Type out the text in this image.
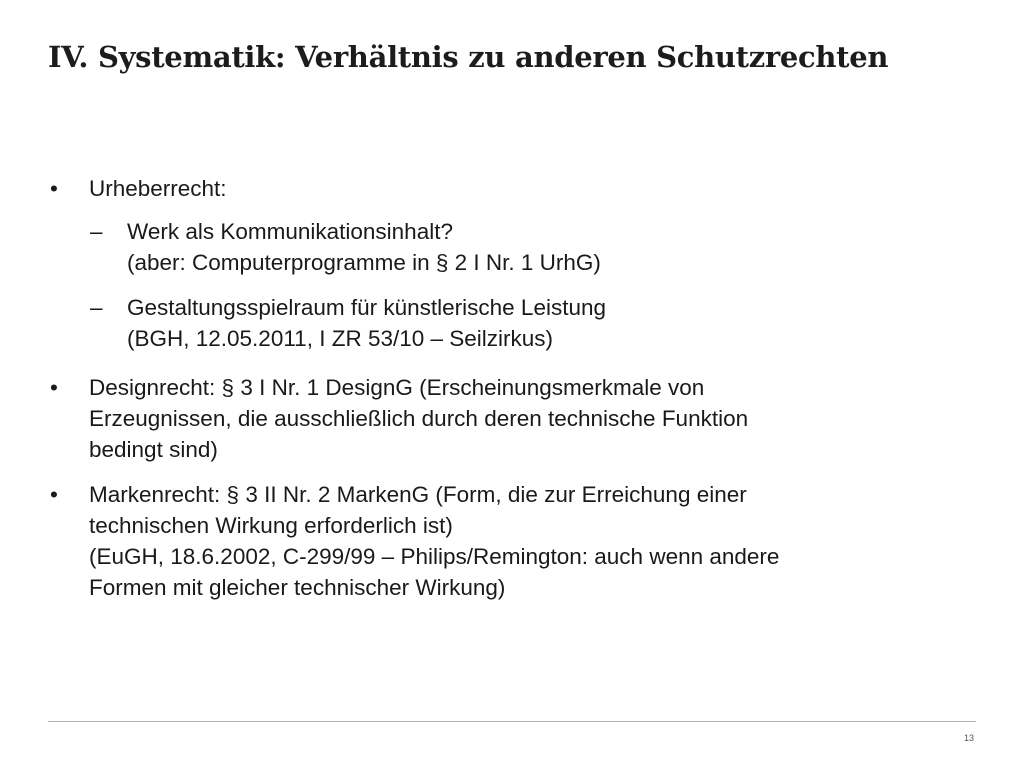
IV. Systematik: Verhältnis zu anderen Schutzrechten
•	Urheberrecht:
–	Werk als Kommunikationsinhalt?
(aber: Computerprogramme in § 2 I Nr. 1 UrhG)
–	Gestaltungsspielraum für künstlerische Leistung
(BGH, 12.05.2011, I ZR 53/10 – Seilzirkus)
•	Designrecht: § 3 I Nr. 1 DesignG (Erscheinungsmerkmale von
Erzeugnissen, die ausschließlich durch deren technische Funktion
bedingt sind)
•	Markenrecht: § 3 II Nr. 2 MarkenG (Form, die zur Erreichung einer
technischen Wirkung erforderlich ist)
(EuGH, 18.6.2002, C-299/99 – Philips/Remington: auch wenn andere
Formen mit gleicher technischer Wirkung)
13
